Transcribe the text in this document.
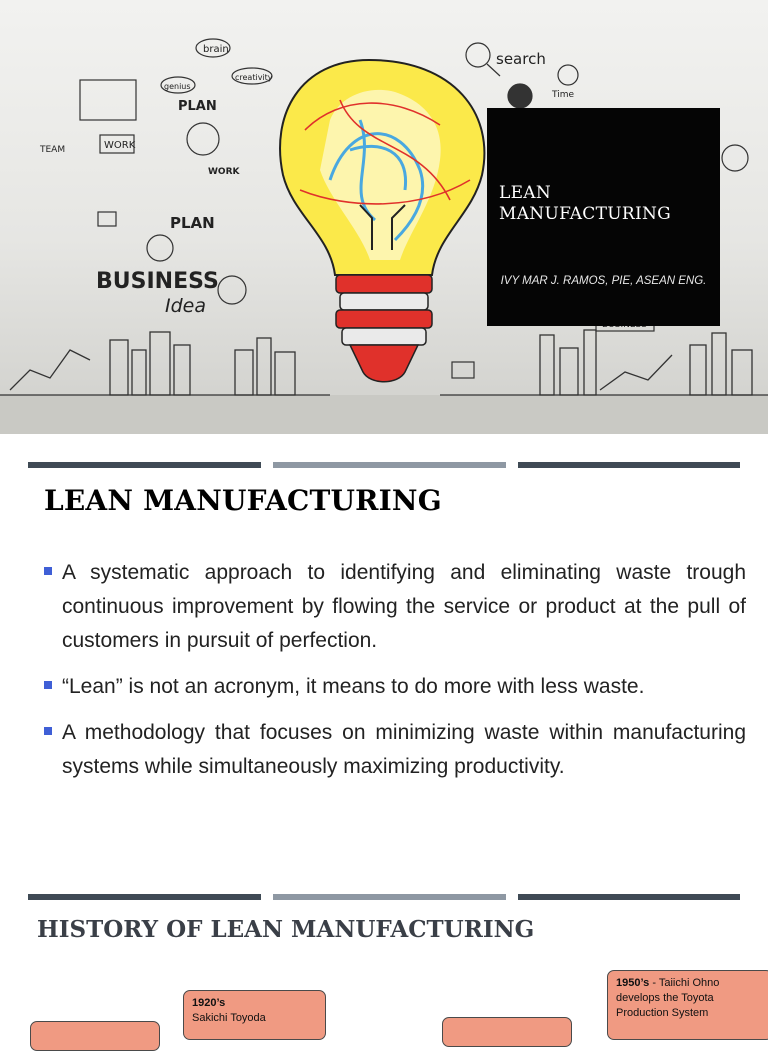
brain
genius
creativity
PLAN
TEAM	WORK
WORK
PLAN
BUSINESS
Idea
search
Time
LEAN
MANUFACTURING
IVY MAR J. RAMOS, PIE, ASEAN ENG.
LEAN MANUFACTURING
A systematic approach to identifying and eliminating waste trough continuous improvement by flowing the service or product at the pull of customers in pursuit of perfection.
“Lean” is not an acronym, it means to do more with less waste.
A methodology that focuses on minimizing waste within manufacturing systems while simultaneously maximizing productivity.
HISTORY OF LEAN MANUFACTURING
1920’s
Sakichi Toyoda
1950’s - Taiichi Ohno develops the Toyota Production System
